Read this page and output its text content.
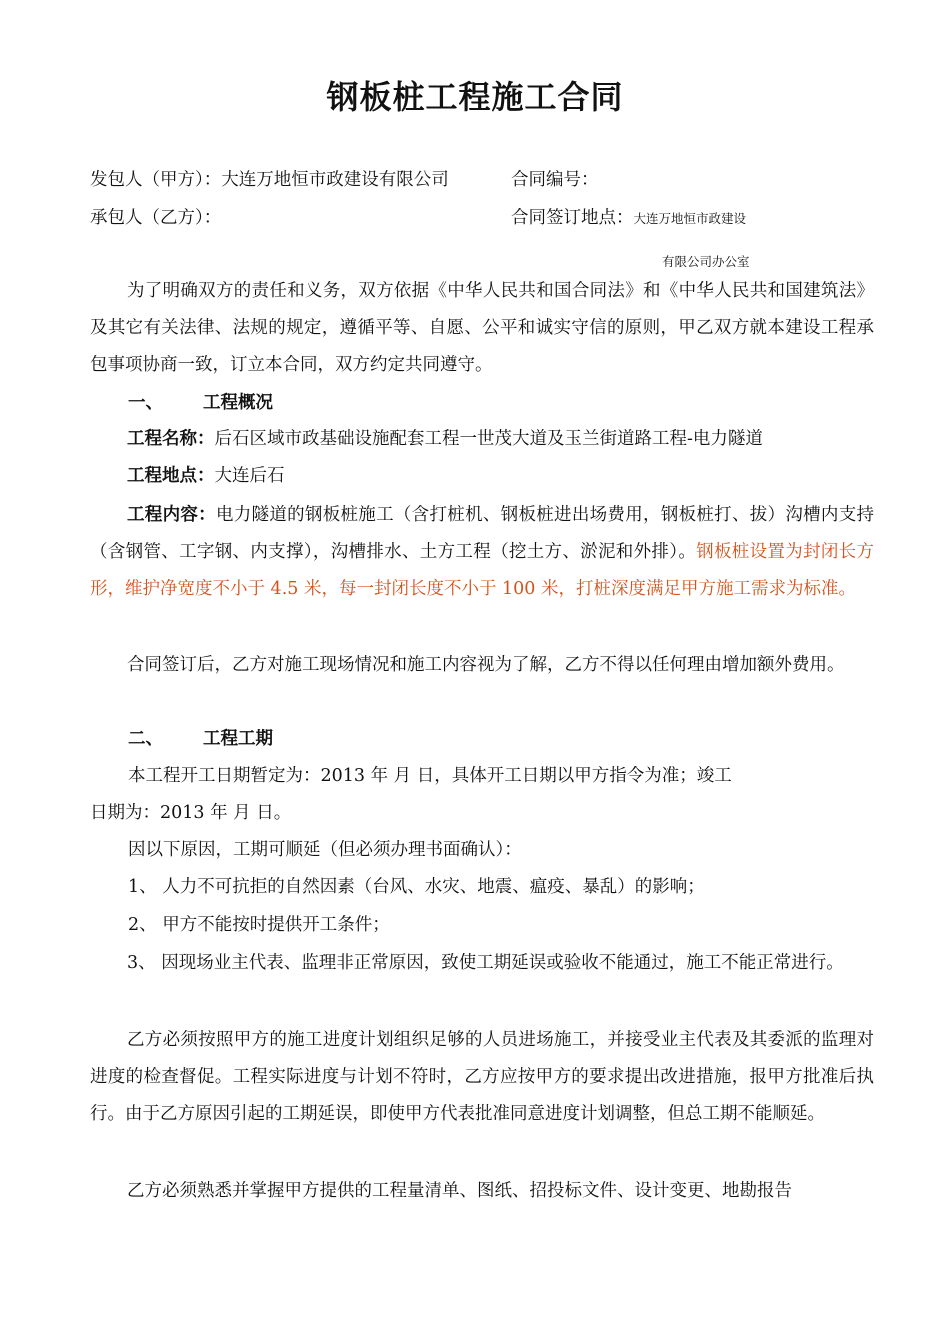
钢板桩工程施工合同
发包人（甲方）：大连万地恒市政建设有限公司	合同编号：
承包人（乙方）：	合同签订地点：大连万地恒市政建设
有限公司办公室
为了明确双方的责任和义务，双方依据《中华人民共和国合同法》和《中华人民共和国建筑法》及其它有关法律、法规的规定，遵循平等、自愿、公平和诚实守信的原则，甲乙双方就本建设工程承包事项协商一致，订立本合同，双方约定共同遵守。
一、 工程概况
工程名称：后石区域市政基础设施配套工程一世茂大道及玉兰街道路工程-电力隧道
工程地点：大连后石
工程内容：电力隧道的钢板桩施工（含打桩机、钢板桩进出场费用，钢板桩打、拔）沟槽内支持（含钢管、工字钢、内支撑），沟槽排水、土方工程（挖土方、淤泥和外排）。钢板桩设置为封闭长方形，维护净宽度不小于 4.5 米，每一封闭长度不小于 100 米，打桩深度满足甲方施工需求为标准。
合同签订后，乙方对施工现场情况和施工内容视为了解，乙方不得以任何理由增加额外费用。
二、 工程工期
本工程开工日期暂定为：2013 年 月 日，具体开工日期以甲方指令为准；竣工
日期为：2013 年 月 日。
因以下原因，工期可顺延（但必须办理书面确认）：
1、 人力不可抗拒的自然因素（台风、水灾、地震、瘟疫、暴乱）的影响；
2、 甲方不能按时提供开工条件；
3、 因现场业主代表、监理非正常原因，致使工期延误或验收不能通过，施工不能正常进行。
乙方必须按照甲方的施工进度计划组织足够的人员进场施工，并接受业主代表及其委派的监理对进度的检查督促。工程实际进度与计划不符时，乙方应按甲方的要求提出改进措施，报甲方批准后执行。由于乙方原因引起的工期延误，即使甲方代表批准同意进度计划调整，但总工期不能顺延。
乙方必须熟悉并掌握甲方提供的工程量清单、图纸、招投标文件、设计变更、地勘报告
